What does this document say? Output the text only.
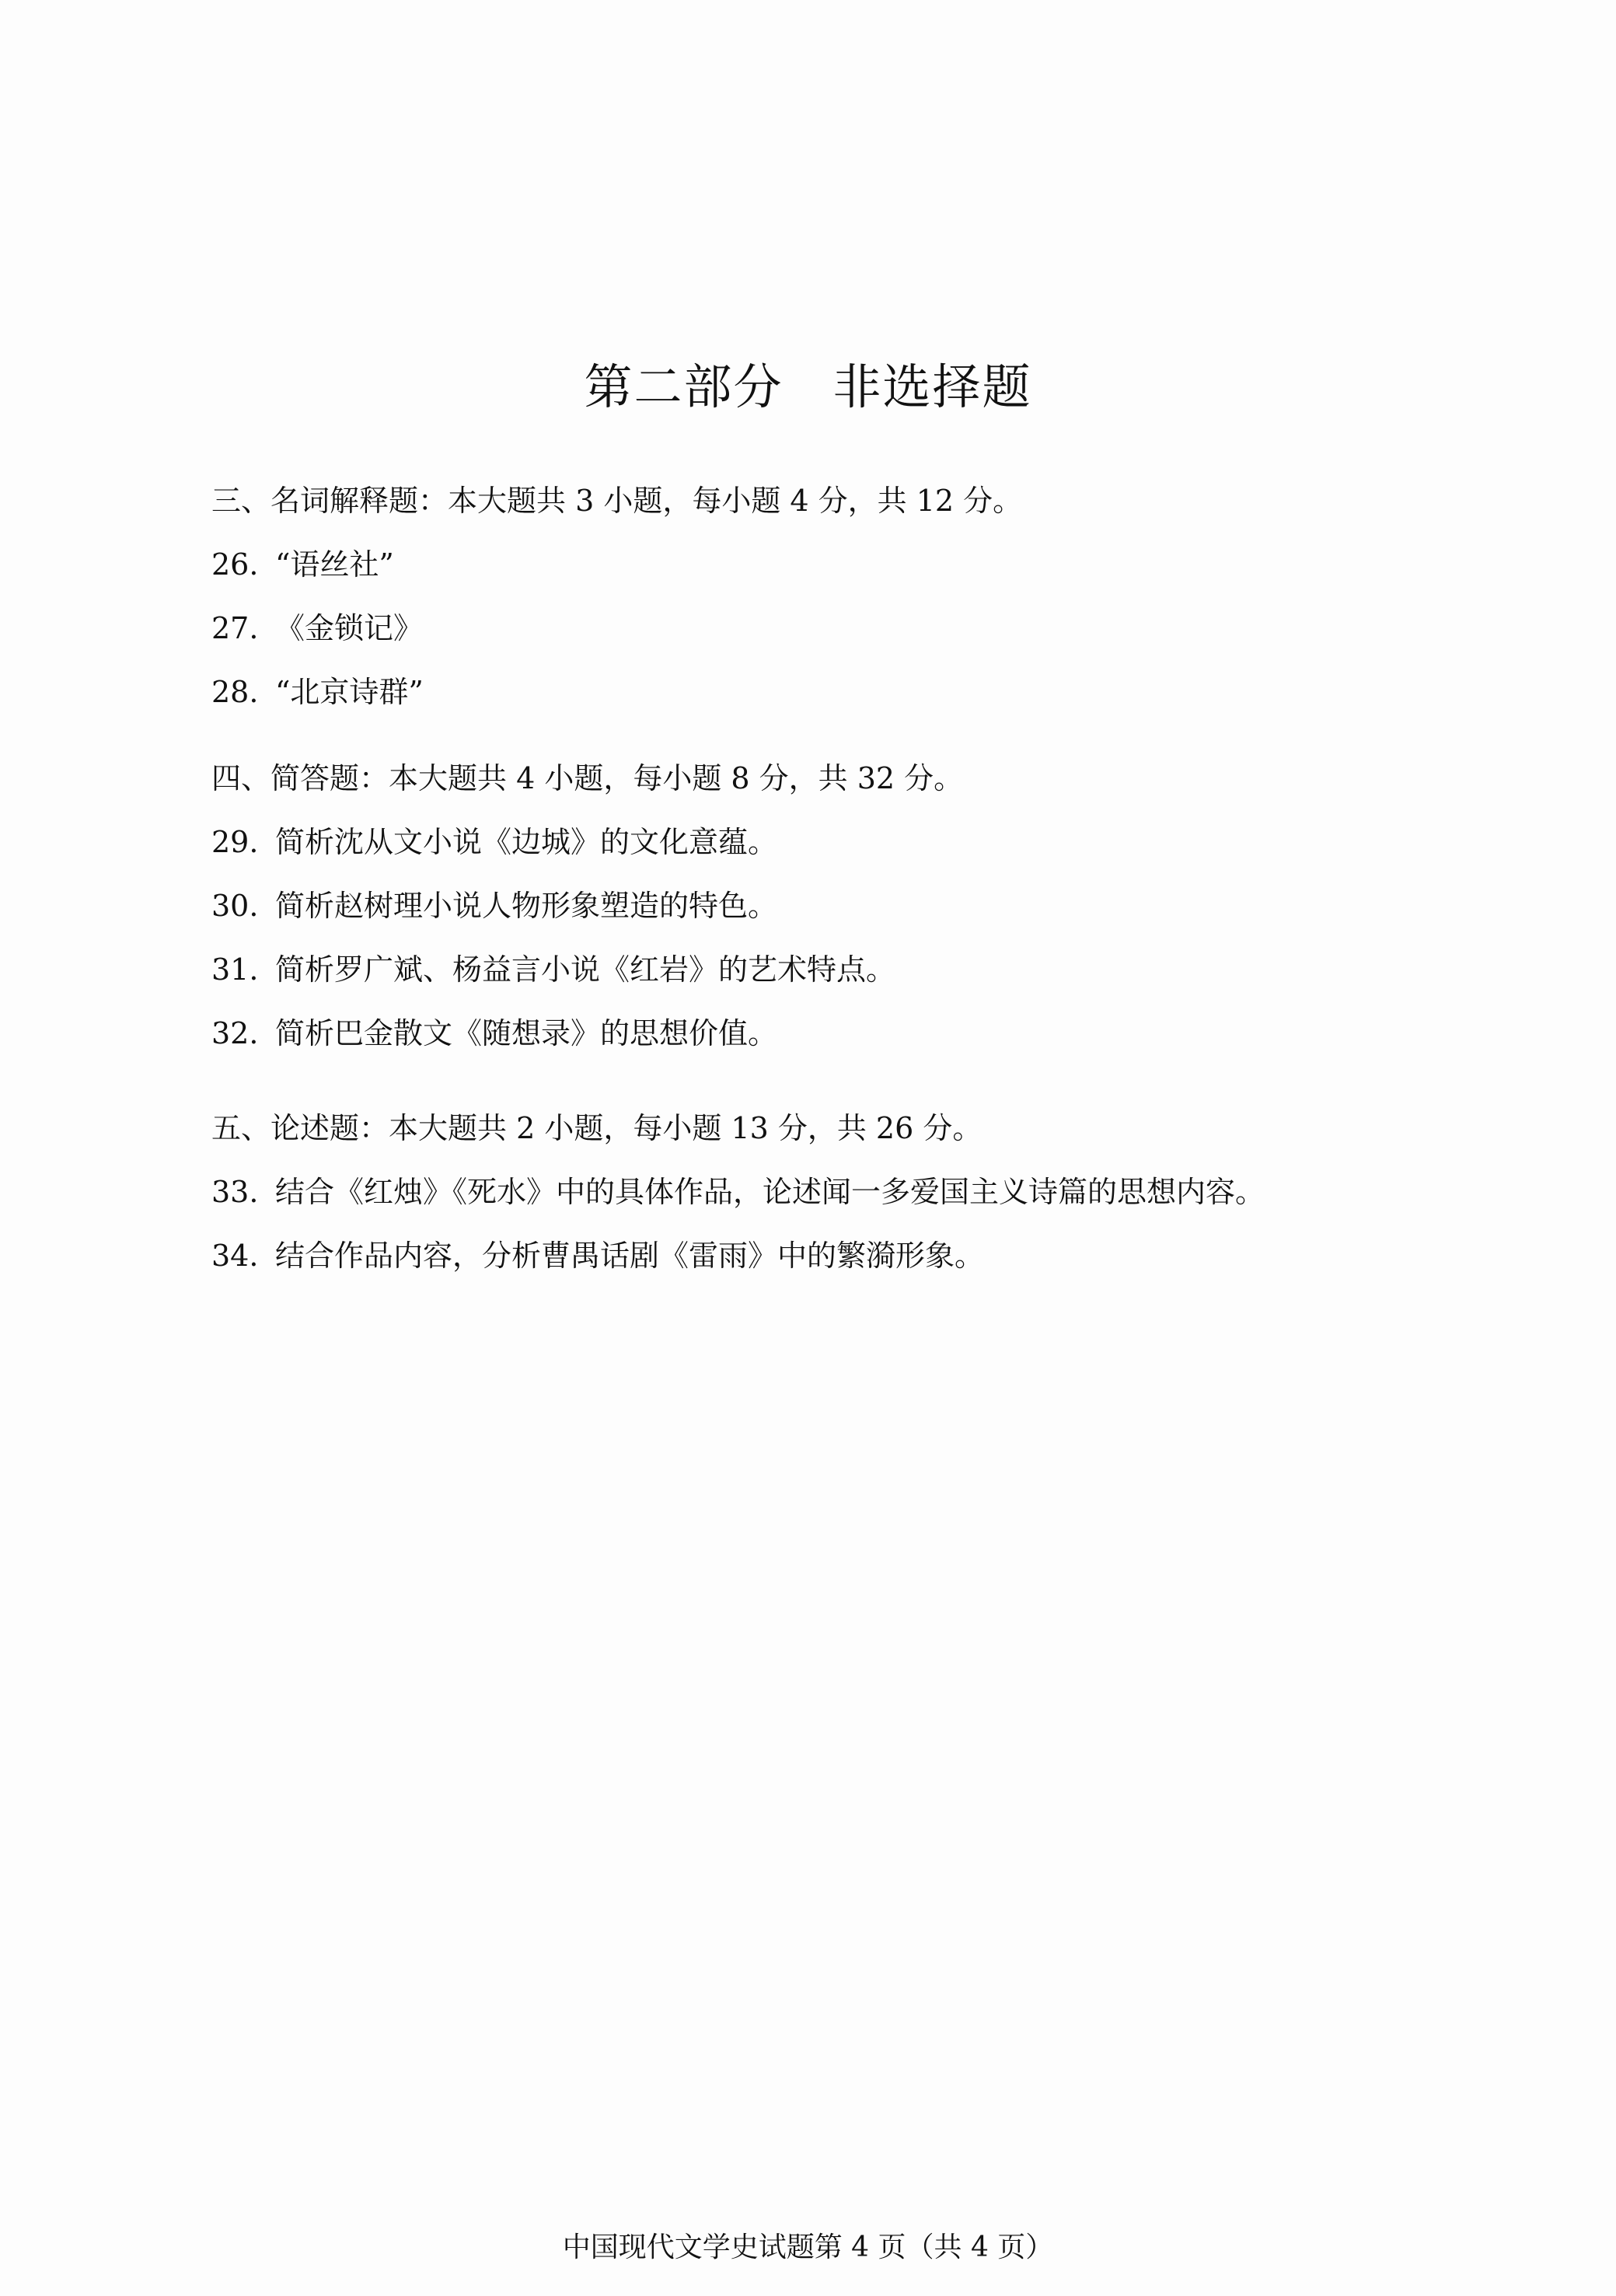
第二部分 非选择题
三、名词解释题：本大题共 3 小题，每小题 4 分，共 12 分。
26. “语丝社”
27. 《金锁记》
28. “北京诗群”
四、简答题：本大题共 4 小题，每小题 8 分，共 32 分。
29. 简析沈从文小说《边城》的文化意蕴。
30. 简析赵树理小说人物形象塑造的特色。
31. 简析罗广斌、杨益言小说《红岩》的艺术特点。
32. 简析巴金散文《随想录》的思想价值。
五、论述题：本大题共 2 小题，每小题 13 分，共 26 分。
33. 结合《红烛》《死水》中的具体作品，论述闻一多爱国主义诗篇的思想内容。
34. 结合作品内容，分析曹禺话剧《雷雨》中的繁漪形象。
中国现代文学史试题第 4 页（共 4 页）
